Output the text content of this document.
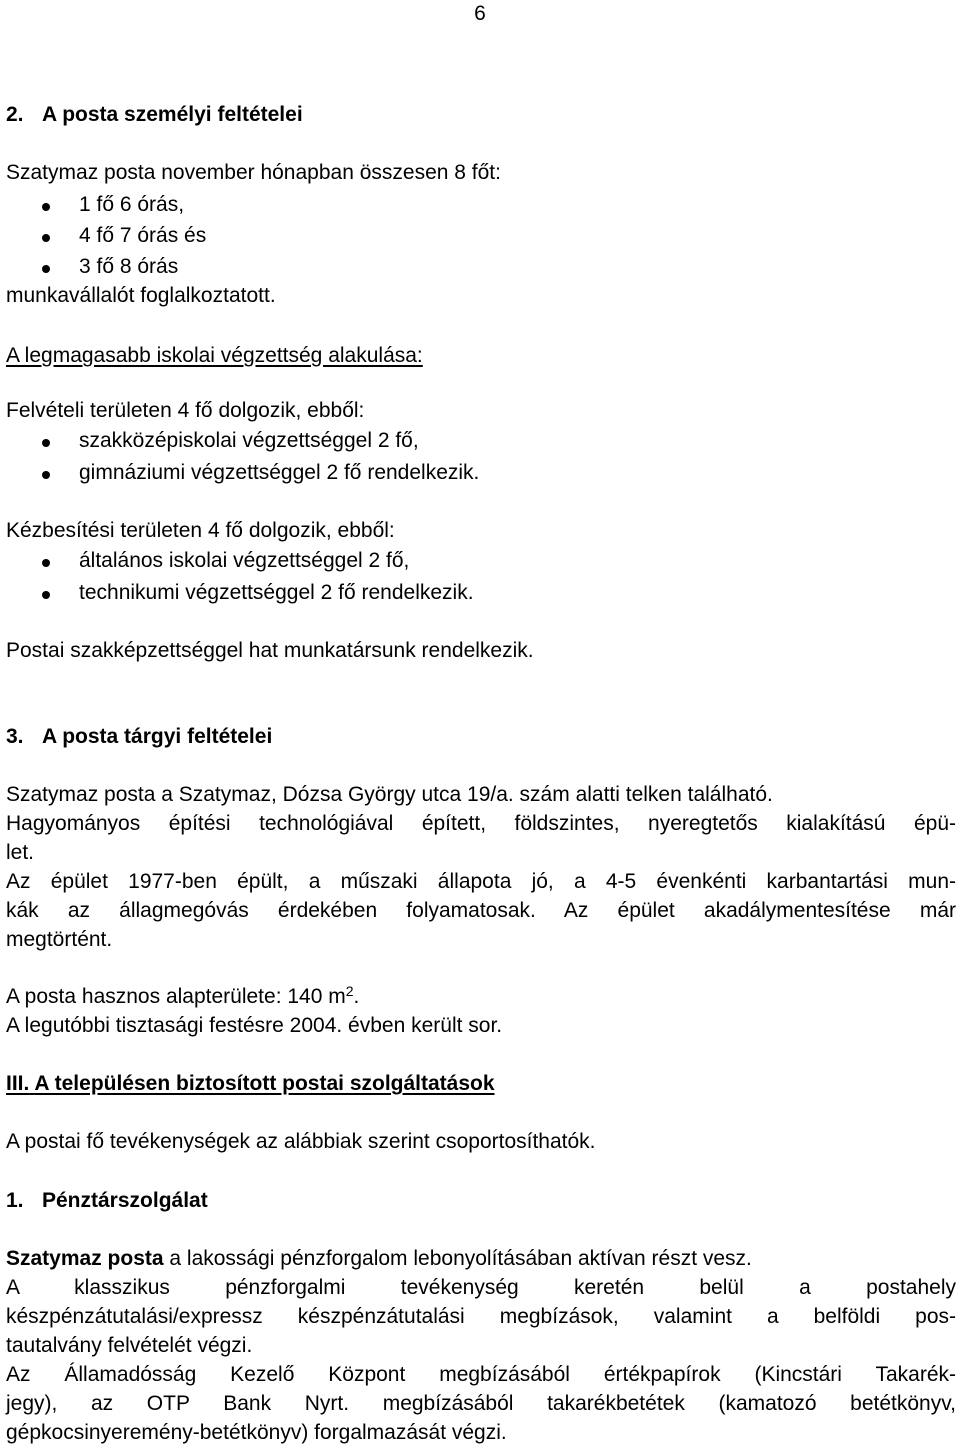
6
2. A posta személyi feltételei
Szatymaz posta november hónapban összesen 8 főt:
1 fő 6 órás,
4 fő 7 órás és
3 fő 8 órás
munkavállalót foglalkoztatott.
A legmagasabb iskolai végzettség alakulása:
Felvételi területen 4 fő dolgozik, ebből:
szakközépiskolai végzettséggel 2 fő,
gimnáziumi végzettséggel 2 fő rendelkezik.
Kézbesítési területen 4 fő dolgozik, ebből:
általános iskolai végzettséggel 2 fő,
technikumi végzettséggel 2 fő rendelkezik.
Postai szakképzettséggel hat munkatársunk rendelkezik.
3. A posta tárgyi feltételei
Szatymaz posta a Szatymaz, Dózsa György utca 19/a. szám alatti telken található.
Hagyományos építési technológiával épített, földszintes, nyeregtetős kialakítású épü-
let.
Az épület 1977-ben épült, a műszaki állapota jó, a 4-5 évenkénti karbantartási mun-
kák az állagmegóvás érdekében folyamatosak. Az épület akadálymentesítése már
megtörtént.
A posta hasznos alapterülete: 140 $m^2$.
A legutóbbi tisztasági festésre 2004. évben került sor.
III. A településen biztosított postai szolgáltatások
A postai fő tevékenységek az alábbiak szerint csoportosíthatók.
1. Pénztárszolgálat
Szatymaz posta a lakossági pénzforgalom lebonyolításában aktívan részt vesz.
A klasszikus pénzforgalmi tevékenység keretén belül a postahely
készpénzátutalási/expressz készpénzátutalási megbízások, valamint a belföldi pos-
tautalvány felvételét végzi.
Az Államadósság Kezelő Központ megbízásából értékpapírok (Kincstári Takarék-
jegy), az OTP Bank Nyrt. megbízásából takarékbetétek (kamatozó betétkönyv,
gépkocsinyeremény-betétkönyv) forgalmazását végzi.
